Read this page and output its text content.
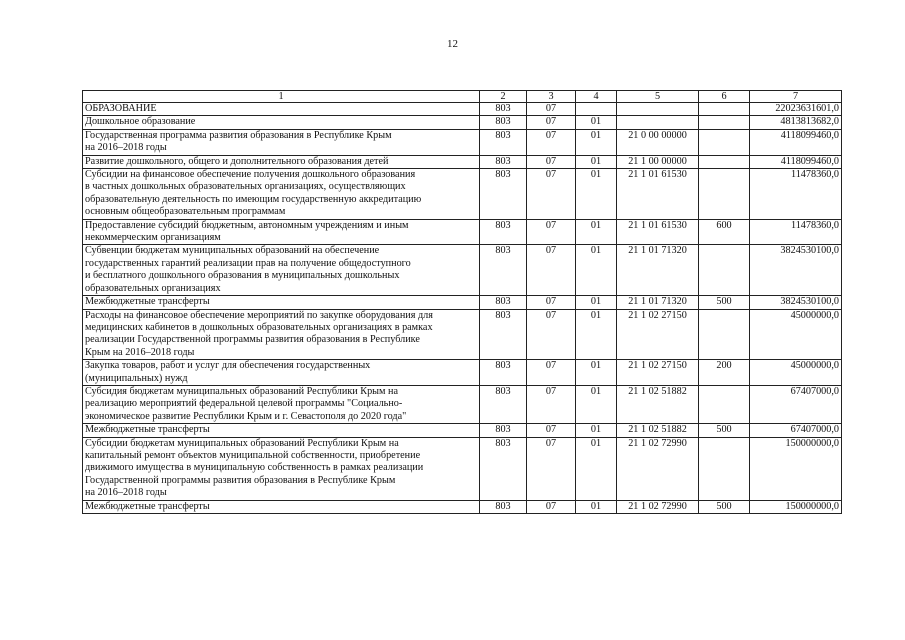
12
1	2	3	4	5	6	7
ОБРАЗОВАНИЕ	803	07				22023631601,0
Дошкольное образование	803	07	01			4813813682,0
Государственная программа развития образования в Республике Крым
на 2016–2018 годы	803	07	01	21 0 00 00000		4118099460,0
Развитие дошкольного, общего и дополнительного образования детей	803	07	01	21 1 00 00000		4118099460,0
Субсидии на финансовое обеспечение получения дошкольного образования
в частных дошкольных образовательных организациях, осуществляющих
образовательную деятельность по имеющим государственную аккредитацию
основным общеобразовательным программам	803	07	01	21 1 01 61530		11478360,0
Предоставление субсидий бюджетным, автономным учреждениям и иным
некоммерческим организациям	803	07	01	21 1 01 61530	600	11478360,0
Субвенции бюджетам муниципальных образований на обеспечение
государственных гарантий реализации прав на получение общедоступного
и бесплатного дошкольного образования в муниципальных дошкольных
образовательных организациях	803	07	01	21 1 01 71320		3824530100,0
Межбюджетные трансферты	803	07	01	21 1 01 71320	500	3824530100,0
Расходы на финансовое обеспечение мероприятий по закупке оборудования для
медицинских кабинетов в дошкольных образовательных организациях в рамках
реализации Государственной программы развития образования в Республике
Крым на 2016–2018 годы	803	07	01	21 1 02 27150		45000000,0
Закупка товаров, работ и услуг для обеспечения государственных
(муниципальных) нужд	803	07	01	21 1 02 27150	200	45000000,0
Субсидия бюджетам муниципальных образований Республики Крым на
реализацию мероприятий федеральной целевой программы "Социально-
экономическое развитие Республики Крым и г. Севастополя до 2020 года"	803	07	01	21 1 02 51882		67407000,0
Межбюджетные трансферты	803	07	01	21 1 02 51882	500	67407000,0
Субсидии бюджетам муниципальных образований Республики Крым на
капитальный ремонт объектов муниципальной собственности, приобретение
движимого имущества в муниципальную собственность в рамках реализации
Государственной программы развития образования в Республике Крым
на 2016–2018 годы	803	07	01	21 1 02 72990		150000000,0
Межбюджетные трансферты	803	07	01	21 1 02 72990	500	150000000,0
